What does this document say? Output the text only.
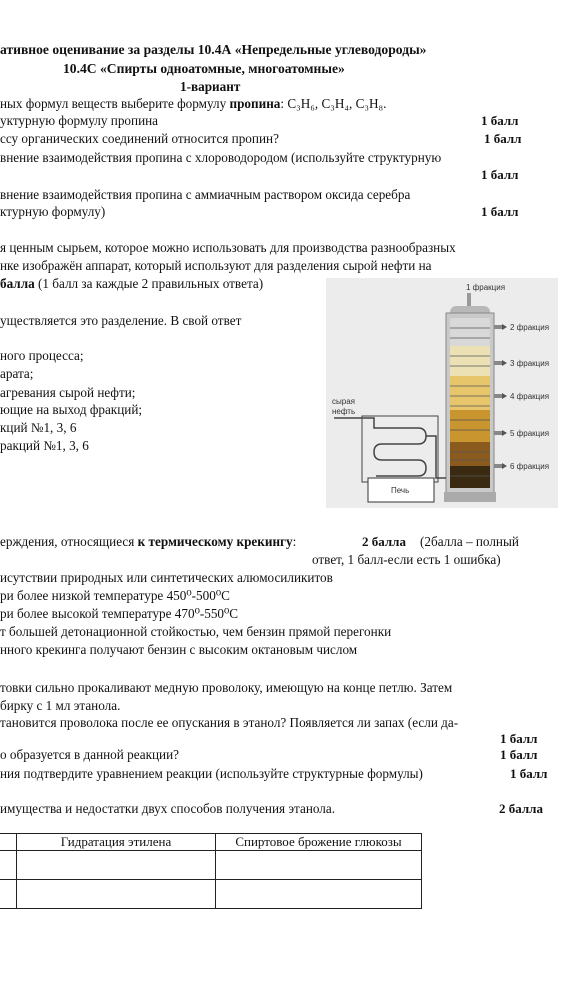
ативное оценивание за разделы 10.4А «Непредельные углеводороды»
10.4С «Спирты одноатомные, многоатомные»
1-вариант
ных формул веществ выберите формулу пропина: C₃H₆, C₃H₄, C₃H₈.
уктурную формулу пропина	1 балл
ссу органических соединений относится пропин?	1 балл
внение взаимодействия пропина с хлороводородом (используйте структурную
1 балл
внение взаимодействия пропина с аммиачным раствором оксида серебра
ктурную формулу)	1 балл
я ценным сырьем, которое можно использовать для производства разнообразных
нке изображён аппарат, который используют для разделения сырой нефти на
балла (1 балл за каждые 2 правильных ответа)
уществляется это разделение. В свой ответ
ного процесса;
арата;
агревания сырой нефти;
ющие на выход фракций;
кций №1, 3, 6
ракций №1, 3, 6
1 фракция
2 фракция
3 фракция
4 фракция
5 фракция
6 фракция
сырая
нефть
Печь
ерждения, относящиеся к термическому крекингу:	2 балла (2балла – полный
ответ, 1 балл-если есть 1 ошибка)
исутствии природных или синтетических алюмосиликитов
ри более низкой температуре 450⁰-500⁰С
ри более высокой температуре 470⁰-550⁰С
т большей детонационной стойкостью, чем бензин прямой перегонки
нного крекинга получают бензин с высоким октановым числом
товки сильно прокаливают медную проволоку, имеющую на конце петлю. Затем
бирку с 1 мл этанола.
тановится проволока после ее опускания в этанол? Появляется ли запах (если да-
1 балл
о образуется в данной реакции?	1 балл
ния подтвердите уравнением реакции (используйте структурные формулы)	1 балл
имущества и недостатки двух способов получения этанола.	2 балла
	Гидратация этилена	Спиртовое брожение глюкозы
